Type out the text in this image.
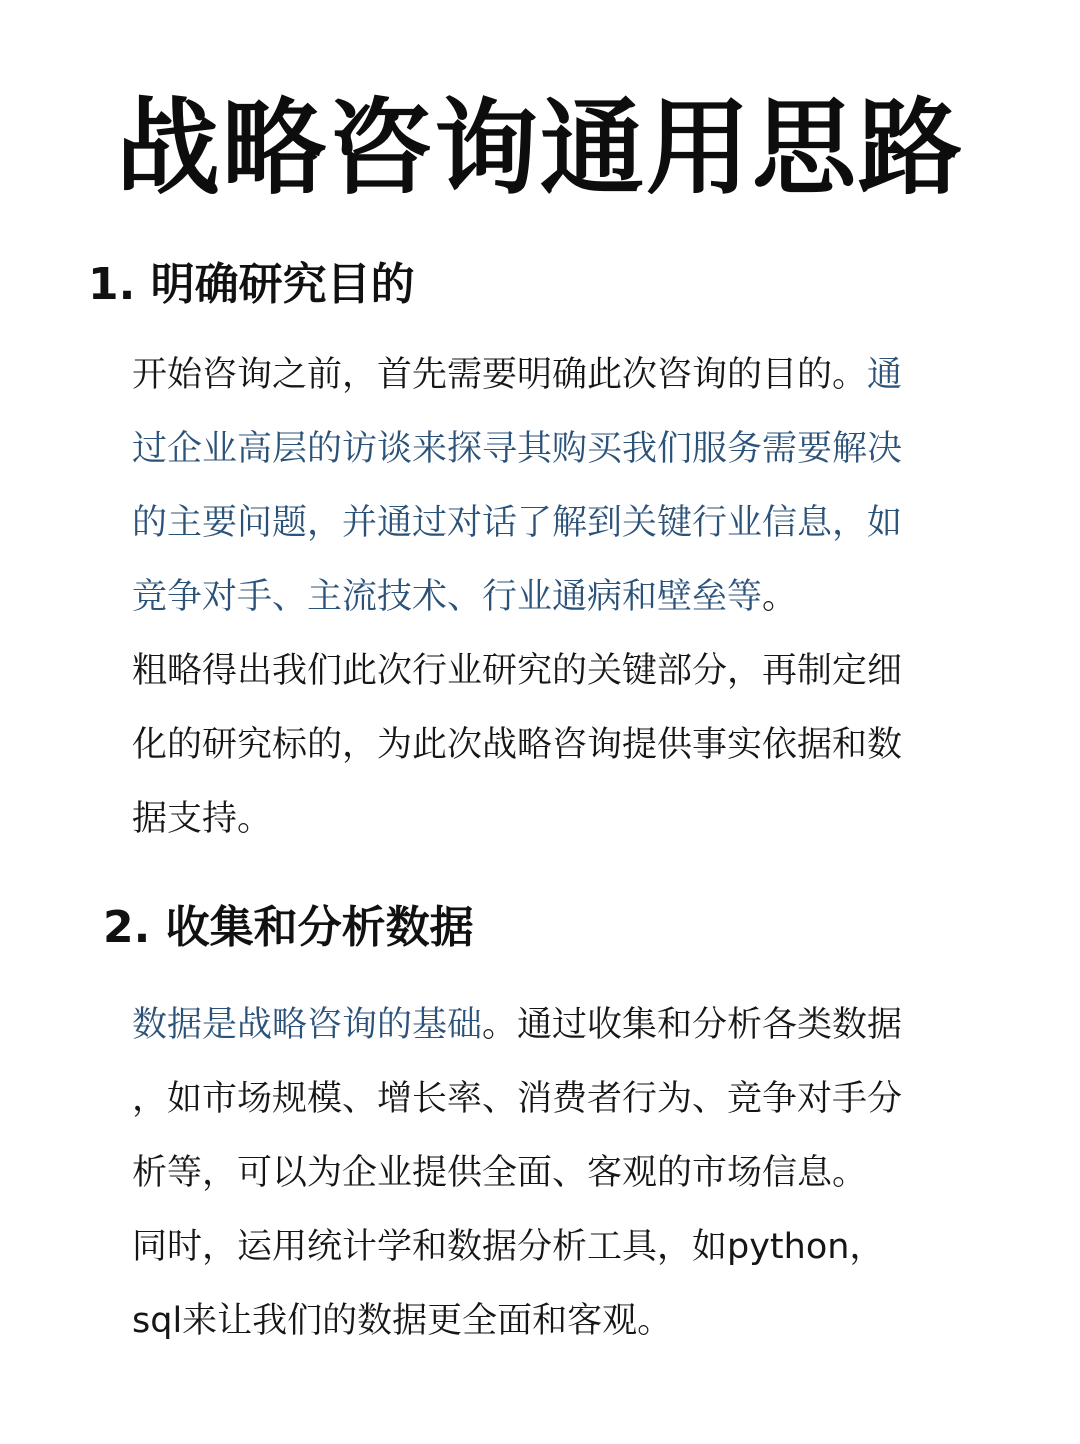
战略咨询通用思路
1. 明确研究目的

开始咨询之前，首先需要明确此次咨询的目的。通
过企业高层的访谈来探寻其购买我们服务需要解决
的主要问题，并通过对话了解到关键行业信息，如
竞争对手、主流技术、行业通病和壁垒等。

粗略得出我们此次行业研究的关键部分，再制定细
化的研究标的，为此次战略咨询提供事实依据和数
据支持。

2. 收集和分析数据

数据是战略咨询的基础。通过收集和分析各类数据
，如市场规模、增长率、消费者行为、竞争对手分
析等，可以为企业提供全面、客观的市场信息。

同时，运用统计学和数据分析工具，如python，
sql来让我们的数据更全面和客观。
